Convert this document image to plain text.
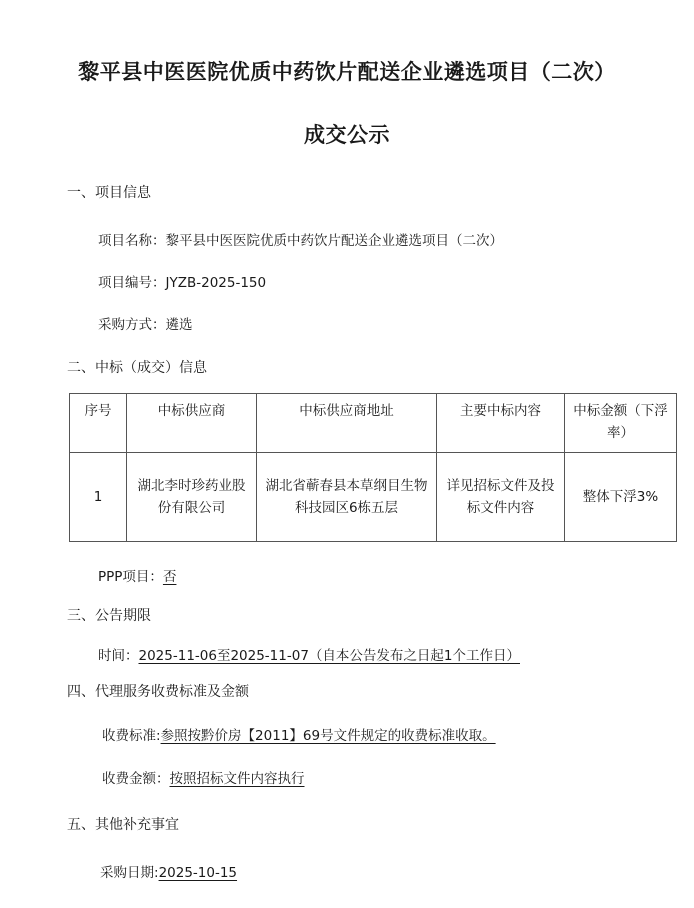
黎平县中医医院优质中药饮片配送企业遴选项目（二次）
成交公示
一、项目信息
项目名称：黎平县中医医院优质中药饮片配送企业遴选项目（二次）
项目编号：JYZB-2025-150
采购方式：遴选
二、中标（成交）信息
序号	中标供应商	中标供应商地址	主要中标内容	中标金额（下浮率）
1	湖北李时珍药业股份有限公司	湖北省蕲春县本草纲目生物科技园区6栋五层	详见招标文件及投标文件内容	整体下浮3%
PPP项目：否
三、公告期限
时间：2025-11-06至2025-11-07（自本公告发布之日起1个工作日）
四、代理服务收费标准及金额
收费标准:参照按黔价房【2011】69号文件规定的收费标准收取。
收费金额：按照招标文件内容执行
五、其他补充事宜
采购日期:2025-10-15
